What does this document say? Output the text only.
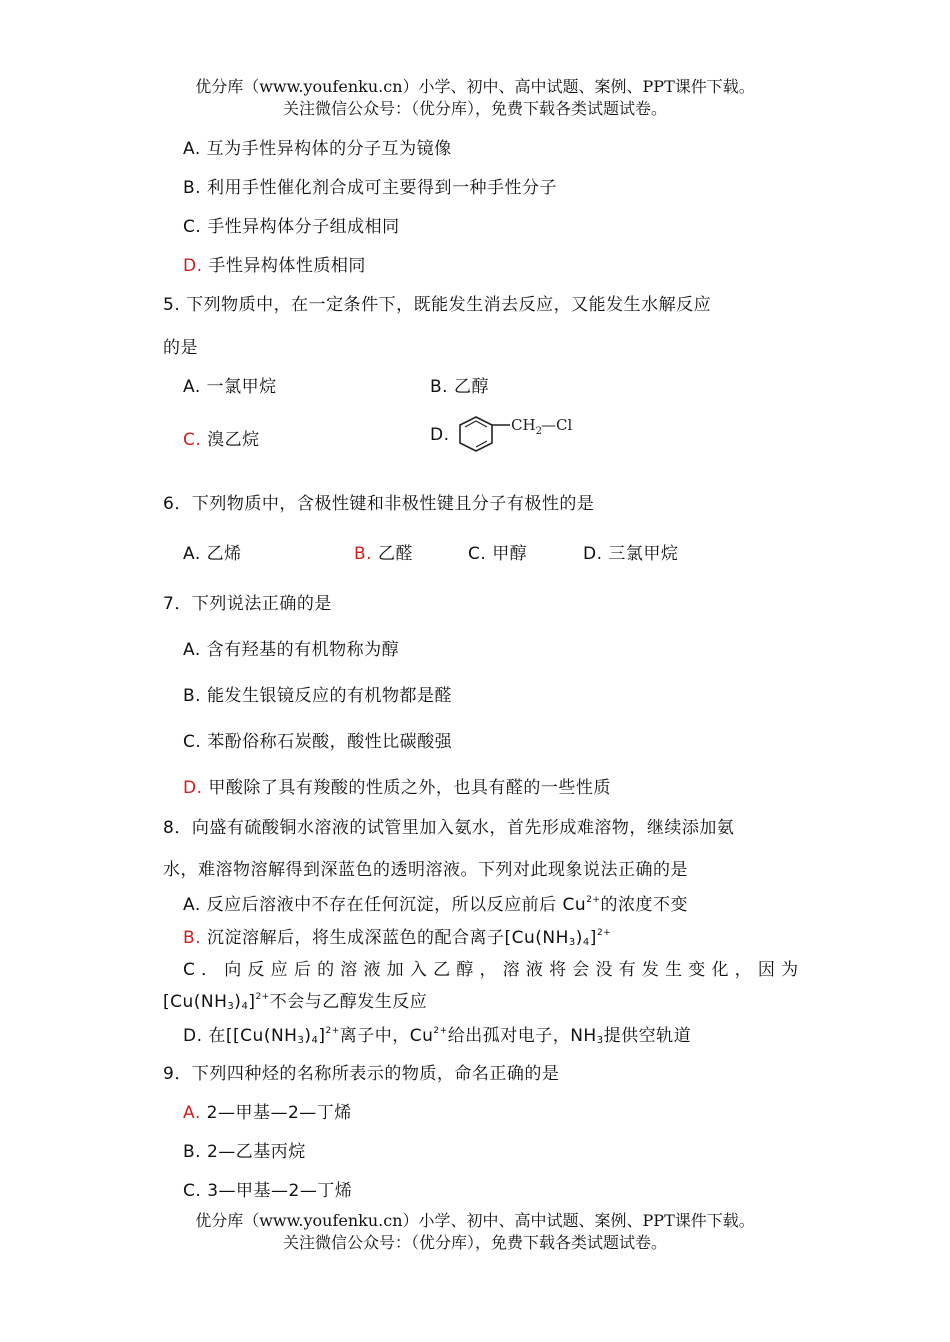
优分库（www.youfenku.cn）小学、初中、高中试题、案例、PPT课件下载。
关注微信公众号：（优分库），免费下载各类试题试卷。
A. 互为手性异构体的分子互为镜像
B. 利用手性催化剂合成可主要得到一种手性分子
C. 手性异构体分子组成相同
D. 手性异构体性质相同
5. 下列物质中，在一定条件下，既能发生消去反应，又能发生水解反应
的是
A. 一氯甲烷	B. 乙醇
C. 溴乙烷	D.	$CH_2$ —Cl
6．下列物质中，含极性键和非极性键且分子有极性的是
A. 乙烯	B. 乙醛	C. 甲醇	D. 三氯甲烷
7．下列说法正确的是
A. 含有羟基的有机物称为醇
B. 能发生银镜反应的有机物都是醛
C. 苯酚俗称石炭酸，酸性比碳酸强
D. 甲酸除了具有羧酸的性质之外，也具有醛的一些性质
8．向盛有硫酸铜水溶液的试管里加入氨水，首先形成难溶物，继续添加氨
水，难溶物溶解得到深蓝色的透明溶液。下列对此现象说法正确的是
A. 反应后溶液中不存在任何沉淀，所以反应前后 $Cu^{2+}$的浓度不变
B. 沉淀溶解后，将生成深蓝色的配合离子$[Cu(NH_3)_4]^{2+}$
C．向反应后的溶液加入乙醇，溶液将会没有发生变化，因为
$[Cu(NH_3)_4]^{2+}$不会与乙醇发生反应
D. 在[$[Cu(NH_3)_4]^{2+}$离子中，$Cu^{2+}$给出孤对电子，$NH_3$提供空轨道
9．下列四种烃的名称所表示的物质，命名正确的是
A. 2—甲基—2—丁烯
B. 2—乙基丙烷
C. 3—甲基—2—丁烯
优分库（www.youfenku.cn）小学、初中、高中试题、案例、PPT课件下载。
关注微信公众号：（优分库），免费下载各类试题试卷。
